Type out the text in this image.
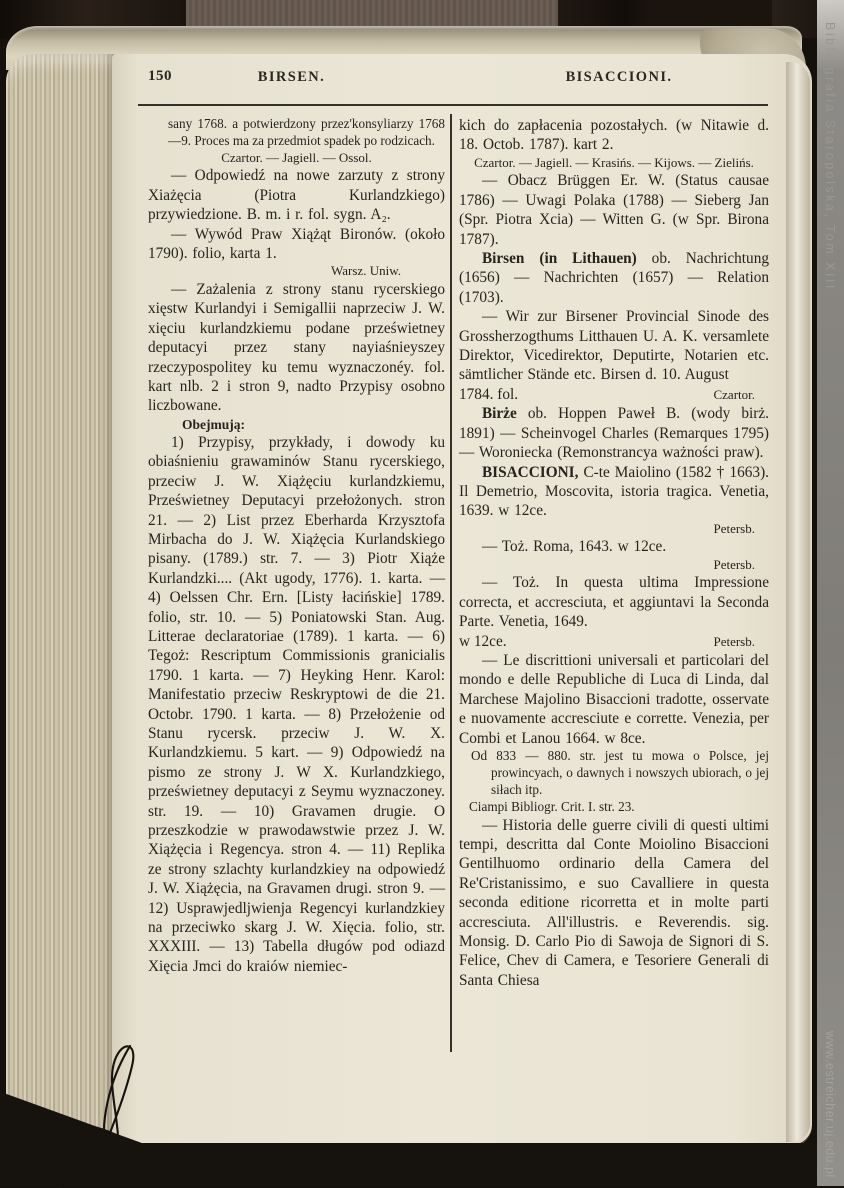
150	BIRSEN.	BISACCIONI.

sany 1768. a potwierdzony przez'konsyliarzy 1768—9. Proces ma za przedmiot spadek po rodzicach.

Czartor. — Jagiell. — Ossol.

— Odpowiedź na nowe zarzuty z strony Xiażęcia (Piotra Kurlandzkiego) przywiedzione. B. m. i r. fol. sygn. A₂.

— Wywód Praw Xiążąt Bironów. (około 1790). folio, karta 1.

Warsz. Uniw.

— Zażalenia z strony stanu rycerskiego xięstw Kurlandyi i Semigallii naprzeciw J. W. xięciu kurlandzkiemu podane prześwietney deputacyi przez stany nayiaśnieyszey rzeczypospolitey ku temu wyznaczonéy. fol. kart nlb. 2 i stron 9, nadto Przypisy osobno liczbowane.

Obejmują:

1) Przypisy, przykłady, i dowody ku obiaśnieniu grawaminów Stanu rycerskiego, przeciw J. W. Xiążęciu kurlandzkiemu, Prześwietney Deputacyi przełożonych. stron 21. — 2) List przez Eberharda Krzysztofa Mirbacha do J. W. Xiążęcia Kurlandskiego pisany. (1789.) str. 7. — 3) Piotr Xiąże Kurlandzki.... (Akt ugody, 1776). 1. karta. — 4) Oelssen Chr. Ern. [Listy łacińskie] 1789. folio, str. 10. — 5) Poniatowski Stan. Aug. Litterae declaratoriae (1789). 1 karta. — 6) Tegoż: Rescriptum Commissionis granicialis 1790. 1 karta. — 7) Heyking Henr. Karol: Manifestatio przeciw Reskryptowi de die 21. Octobr. 1790. 1 karta. — 8) Przełożenie od Stanu rycersk. przeciw J. W. X. Kurlandzkiemu. 5 kart. — 9) Odpowiedź na pismo ze strony J. W X. Kurlandzkiego, prześwietney deputacyi z Seymu wyznaczoney. str. 19. — 10) Gravamen drugie. O przeszkodzie w prawodawstwie przez J. W. Xiążęcia i Regencya. stron 4. — 11) Replika ze strony szlachty kurlandzkiey na odpowiedź J. W. Xiążęcia, na Gravamen drugi. stron 9. — 12) Usprawjedljwienja Regencyi kurlandzkiey na przeciwko skarg J. W. Xięcia. folio, str. XXXIII. — 13) Tabella długów pod odiazd Xięcia Jmci do kraiów niemiec-

kich do zapłacenia pozostałych. (w Nitawie d. 18. Octob. 1787). kart 2.

Czartor. — Jagiell. — Krasińs. — Kijows. — Zielińs.

— Obacz Brüggen Er. W. (Status causae 1786) — Uwagi Polaka (1788) — Sieberg Jan (Spr. Piotra Xcia) — Witten G. (w Spr. Birona 1787).

Birsen (in Lithauen) ob. Nachrichtung (1656) — Nachrichten (1657) — Relation (1703).

— Wir zur Birsener Provincial Sinode des Grossherzogthums Litthauen U. A. K. versamlete Direktor, Vicedirektor, Deputirte, Notarien etc. sämtlicher Stände etc. Birsen d. 10. August

1784. fol.	Czartor.

Birże ob. Hoppen Paweł B. (wody birż. 1891) — Scheinvogel Charles (Remarques 1795) — Woroniecka (Remonstrancya ważności praw).

BISACCIONI, C-te Maiolino (1582 † 1663). Il Demetrio, Moscovita, istoria tragica. Venetia, 1639. w 12ce.

Petersb.

— Toż. Roma, 1643. w 12ce.

Petersb.

— Toż. In questa ultima Impressione correcta, et accresciuta, et aggiuntavi la Seconda Parte. Venetia, 1649.

w 12ce.	Petersb.

— Le discrittioni universali et particolari del mondo e delle Republiche di Luca di Linda, dal Marchese Majolino Bisaccioni tradotte, osservate e nuovamente accresciute e corrette. Venezia, per Combi et Lanou 1664. w 8ce.

Od 833 — 880. str. jest tu mowa o Polsce, jej prowincyach, o dawnych i nowszych ubiorach, o jej siłach itp.

Ciampi Bibliogr. Crit. I. str. 23.

— Historia delle guerre civili di questi ultimi tempi, descritta dal Conte Moiolino Bisaccioni Gentilhuomo ordinario della Camera del Re'Cristanissimo, e suo Cavalliere in questa seconda editione ricorretta et in molte parti accresciuta. All'illustris. e Reverendis. sig. Monsig. D. Carlo Pio di Sawoja de Signori di S. Felice, Chev di Camera, e Tesoriere Generali di Santa Chiesa

Bibliografia Staropolska, Tom XIII
www.estreicher.uj.edu.pl
